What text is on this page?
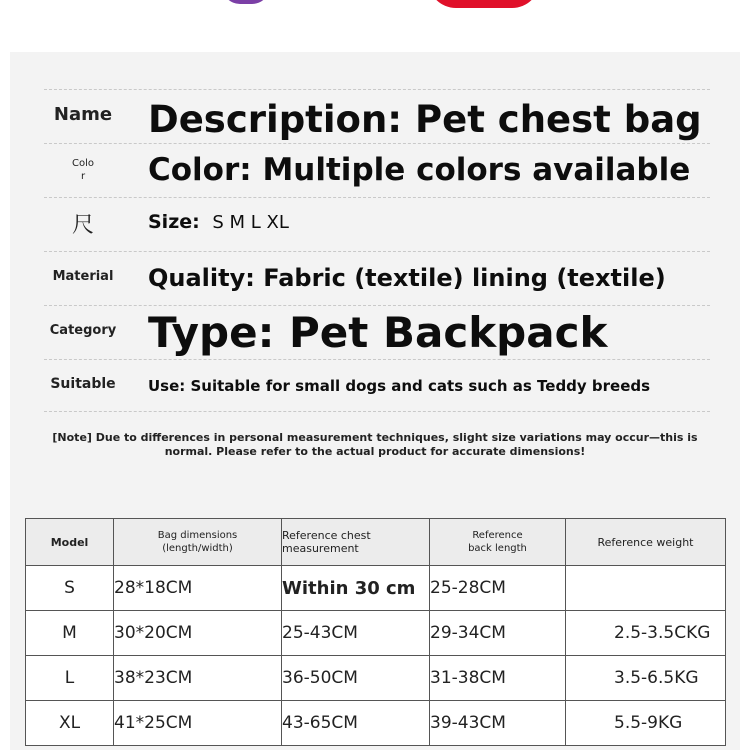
Name Description: Pet chest bag
Color	Color: Multiple colors available
尺	Size: S M L XL
Material	Quality: Fabric (textile) lining (textile)
Category Type: Pet Backpack
Suitable	Use: Suitable for small dogs and cats such as Teddy breeds
[Note] Due to differences in personal measurement techniques, slight size variations may occur—this is normal. Please refer to the actual product for accurate dimensions!
Model	Bag dimensions (length/width)	Reference chest measurement	Reference back length	Reference weight
S	28*18CM	Within 30 cm	25-28CM	
M	30*20CM	25-43CM	29-34CM	2.5-3.5CKG
L	38*23CM	36-50CM	31-38CM	3.5-6.5KG
XL	41*25CM	43-65CM	39-43CM	5.5-9KG
